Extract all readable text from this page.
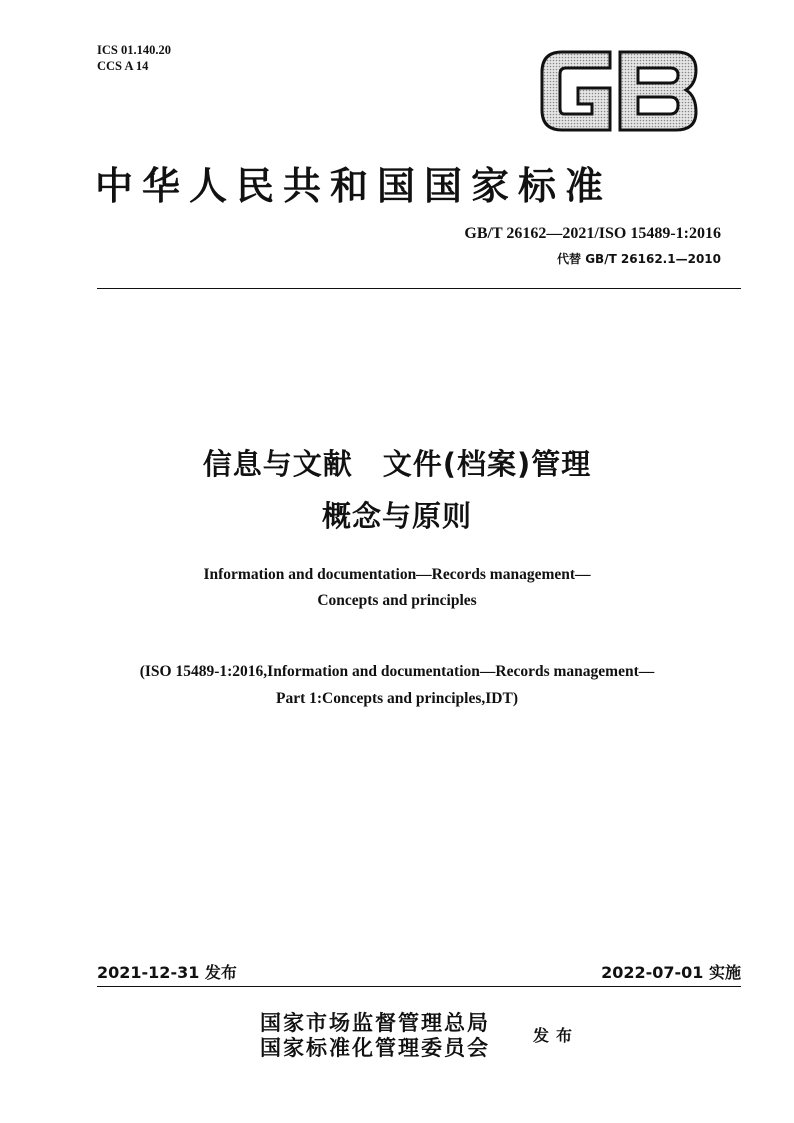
ICS 01.140.20
CCS A 14
中华人民共和国国家标准
GB/T 26162—2021/ISO 15489-1:2016
代替 GB/T 26162.1—2010
信息与文献　文件(档案)管理
概念与原则
Information and documentation—Records management—
Concepts and principles
(ISO 15489-1:2016,Information and documentation—Records management—
Part 1:Concepts and principles,IDT)
2021-12-31 发布	2022-07-01 实施
国家市场监督管理总局
国家标准化管理委员会	发布
